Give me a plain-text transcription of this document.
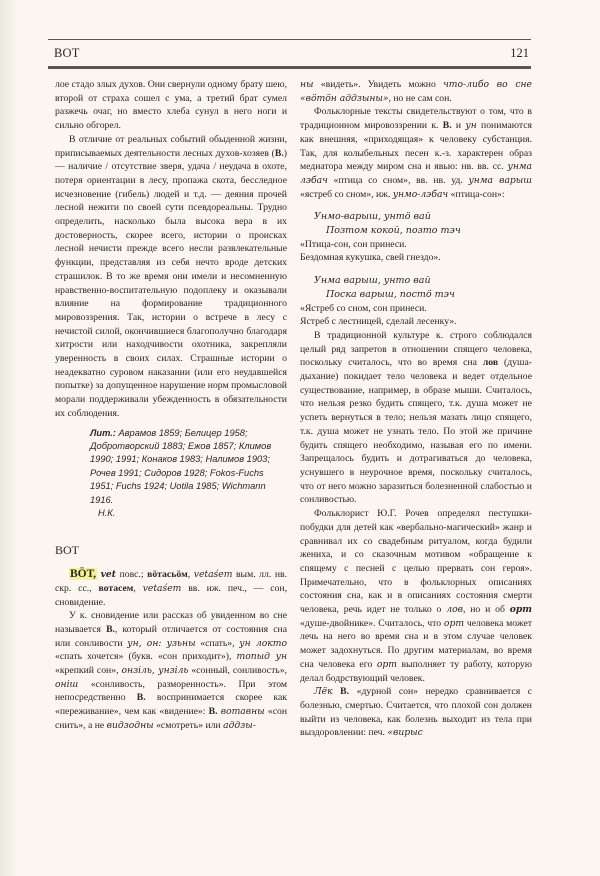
ВОТ	121

лое стадо злых духов. Они свернули одному брату шею, второй от страха сошел с ума, а третий брат сумел разжечь очаг, но вместо хлеба сунул в него ноги и сильно обгорел.

В отличие от реальных событий обыденной жизни, приписываемых деятельности лесных духов-хозяев (В.) — наличие / отсутствие зверя, удача / неудача в охоте, потеря ориентации в лесу, пропажа скота, бесследное исчезновение (гибель) людей и т.д. — деяния прочей лесной нежити по своей сути псевдореальны. Трудно определить, насколько была высока вера в их достоверность, скорее всего, истории о происках лесной нечисти прежде всего несли развлекательные функции, представляя из себя нечто вроде детских страшилок. В то же время они имели и несомненную нравственно-воспитательную подоплеку и оказывали влияние на формирование традиционного мировоззрения. Так, истории о встрече в лесу с нечистой силой, окончившиеся благополучно благодаря хитрости или находчивости охотника, закрепляли уверенность в своих силах. Страшные истории о неадекватно суровом наказании (или его неудавшейся попытке) за допущенное нарушение норм промысловой морали поддерживали убежденность в обязательности их соблюдения.

Лит.: Аврамов 1859; Белицер 1958; Добротворский 1883; Ежов 1857; Климов 1990; 1991; Конаков 1983; Налимов 1903; Рочев 1991; Сидоров 1928; Fokos-Fuchs 1951; Fuchs 1924; Uotila 1985; Wichmann 1916.
Н.К.
ВОТ

ВÖТ, vet повс.; вöтасьöм, vetaśem вым. лл. нв. скр. сс., вотасем, vetaśem вв. иж. печ., — сон, сновидение.

У к. сновидение или рассказ об увиденном во сне называется В., который отличается от состояния сна или сонливости ун, он: узьны «спать», ун локто «спать хочется» (букв. «сон приходит»), топыд ун «крепкий сон», онзiль, унзiль «сонный, сонливость», онiш «сонливость, разморенность». При этом непосредственно В. воспринимается скорее как «переживание», чем как «видение»: В. вотавны «сон снить», а не видзодны «смотреть» или аддзы-

ны «видеть». Увидеть можно что-либо во сне «вöтöн аддзыны», но не сам сон.

Фольклорные тексты свидетельствуют о том, что в традиционном мировоззрении к. В. и ун понимаются как внешняя, «приходящая» к человеку субстанция. Так, для колыбельных песен к.-з. характерен образ медиатора между миром сна и явью: нв. вв. сс. унма лэбач «птица со сном», вв. нв. уд. унма варыш «ястреб со сном», иж. унмо-лэбач «птица-сон»:

Унмо-варыш, унтö вай
Позтом кокой, позто тэч
«Птица-сон, сон принеси.
Бездомная кукушка, свей гнездо».
Унма варыш, унто вай
Поска варыш, постö тэч
«Ястреб со сном, сон принеси.
Ястреб с лестницей, сделай лесенку».

В традиционной культуре к. строго соблюдался целый ряд запретов в отношении спящего человека, поскольку считалось, что во время сна лов (душа-дыхание) покидает тело человека и ведет отдельное существование, например, в образе мыши. Считалось, что нельзя резко будить спящего, т.к. душа может не успеть вернуться в тело; нельзя мазать лицо спящего, т.к. душа может не узнать тело. По этой же причине будить спящего необходимо, называя его по имени. Запрещалось будить и дотрагиваться до человека, уснувшего в неурочное время, поскольку считалось, что от него можно заразиться болезненной слабостью и сонливостью.

Фольклорист Ю.Г. Рочев определял пестушки-побудки для детей как «вербально-магический» жанр и сравнивал их со свадебным ритуалом, когда будили жениха, и со сказочным мотивом «обращение к спящему с песней с целью прервать сон героя». Примечательно, что в фольклорных описаниях состояния сна, как и в описаниях состояния смерти человека, речь идет не только о лов, но и об орт «душе-двойнике». Считалось, что орт человека может лечь на него во время сна и в этом случае человек может задохнуться. По другим материалам, во время сна человека его орт выполняет ту работу, которую делал бодрствующий человек.

Лёк В. «дурной сон» нередко сравнивается с болезнью, смертью. Считается, что плохой сон должен выйти из человека, как болезнь выходит из тела при выздоровлении: печ. «вирыс
